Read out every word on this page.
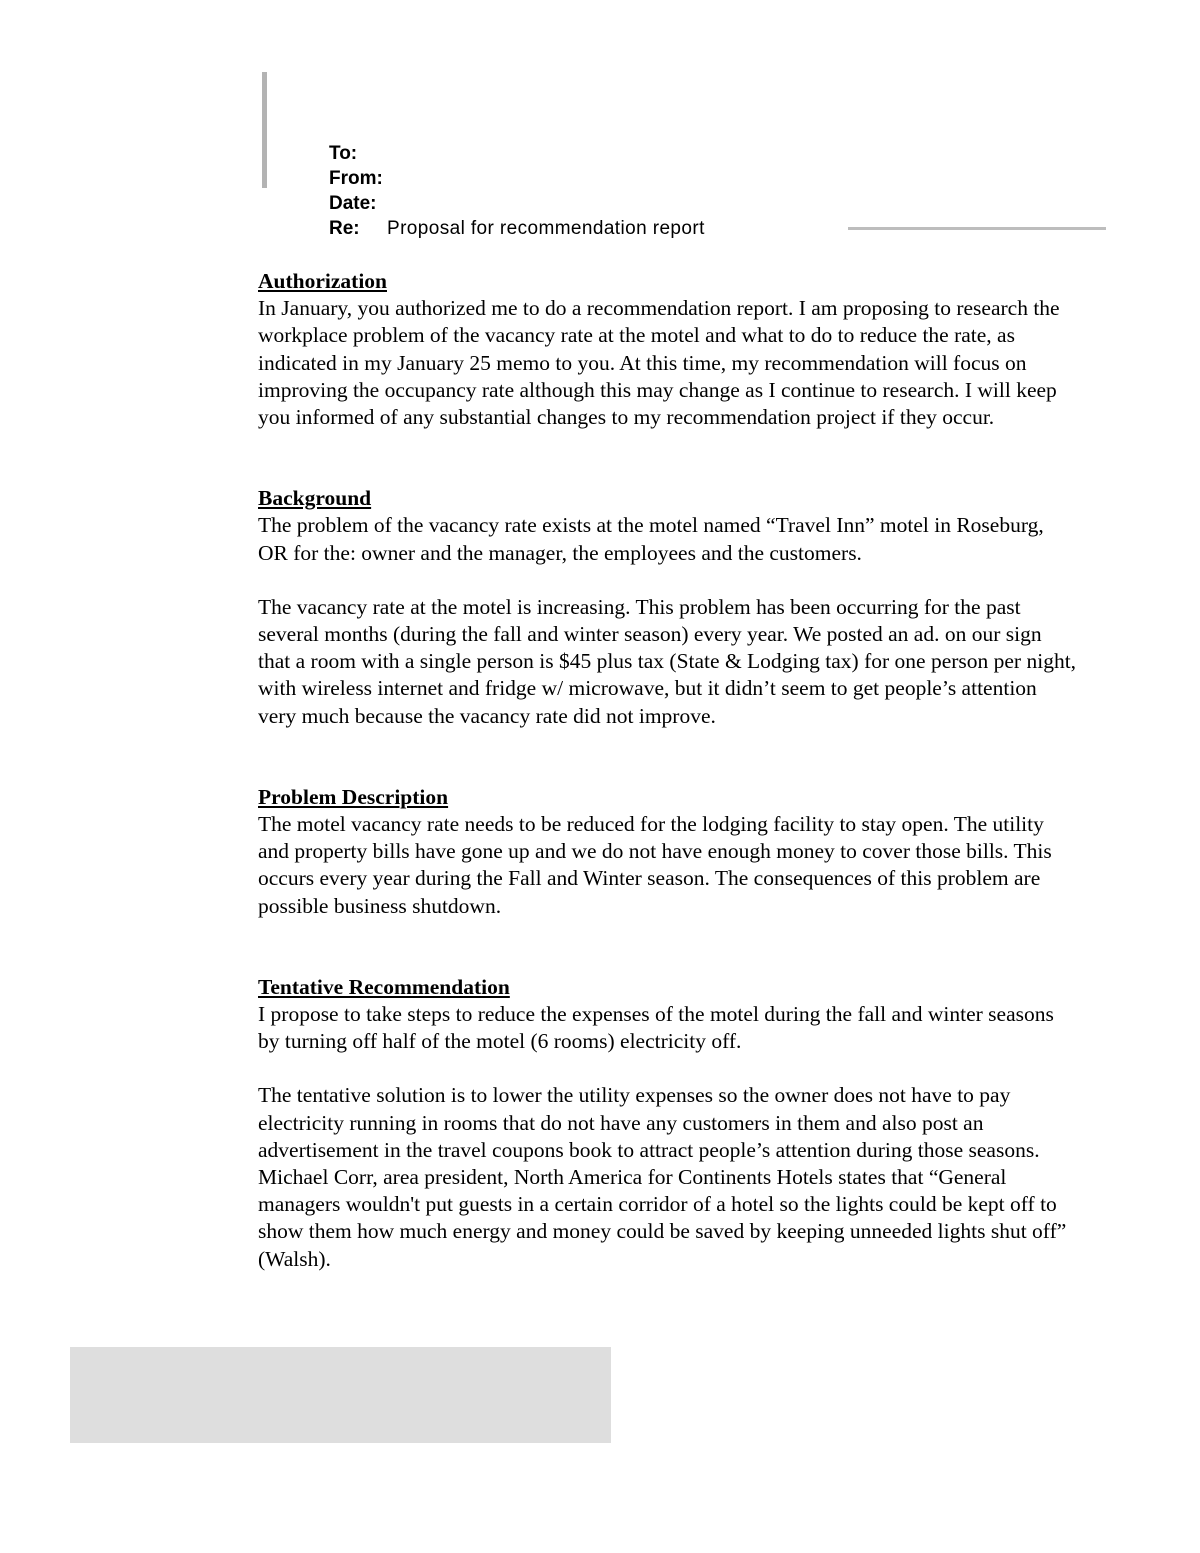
To:
From:
Date:
Re: Proposal for recommendation report

Authorization

In January, you authorized me to do a recommendation report. I am proposing to research the workplace problem of the vacancy rate at the motel and what to do to reduce the rate, as indicated in my January 25 memo to you. At this time, my recommendation will focus on improving the occupancy rate although this may change as I continue to research. I will keep you informed of any substantial changes to my recommendation project if they occur.

Background

The problem of the vacancy rate exists at the motel named “Travel Inn” motel in Roseburg, OR for the: owner and the manager, the employees and the customers.

The vacancy rate at the motel is increasing. This problem has been occurring for the past several months (during the fall and winter season) every year. We posted an ad. on our sign that a room with a single person is $45 plus tax (State & Lodging tax) for one person per night, with wireless internet and fridge w/ microwave, but it didn’t seem to get people’s attention very much because the vacancy rate did not improve.

Problem Description

The motel vacancy rate needs to be reduced for the lodging facility to stay open. The utility and property bills have gone up and we do not have enough money to cover those bills. This occurs every year during the Fall and Winter season. The consequences of this problem are possible business shutdown.

Tentative Recommendation

I propose to take steps to reduce the expenses of the motel during the fall and winter seasons by turning off half of the motel (6 rooms) electricity off.

The tentative solution is to lower the utility expenses so the owner does not have to pay electricity running in rooms that do not have any customers in them and also post an advertisement in the travel coupons book to attract people’s attention during those seasons. Michael Corr, area president, North America for Continents Hotels states that “General managers wouldn't put guests in a certain corridor of a hotel so the lights could be kept off to show them how much energy and money could be saved by keeping unneeded lights shut off” (Walsh).
